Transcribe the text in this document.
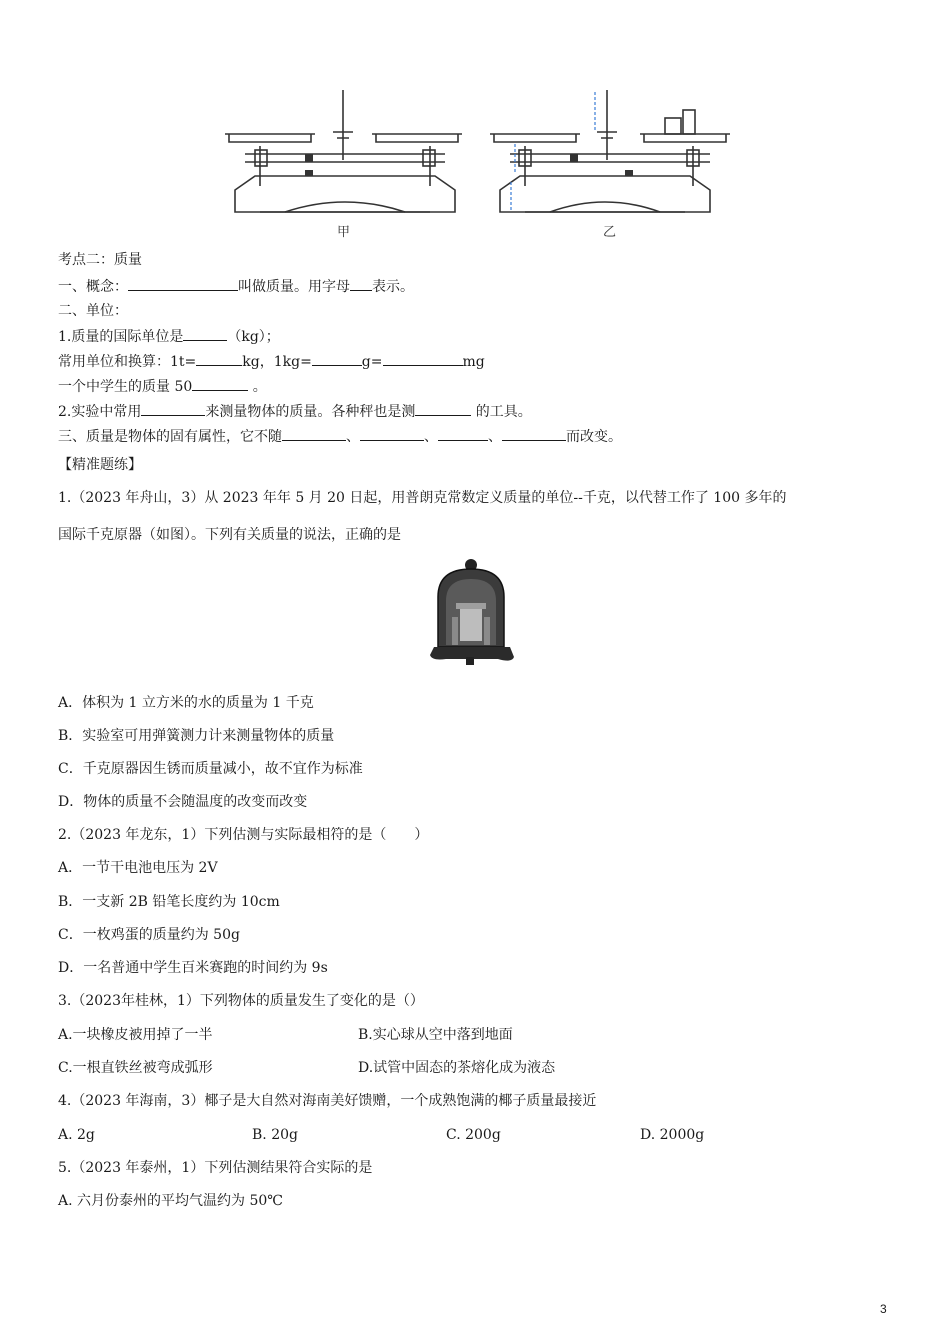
甲	乙
考点二：质量
一、概念：	叫做质量。用字母 表示。
二、单位：
1.质量的国际单位是	（kg）；
常用单位和换算：1t=	kg，1kg=	g=	mg
一个中学生的质量 50	。
2.实验中常用	来测量物体的质量。各种秤也是测	的工具。
三、质量是物体的固有属性，它不随	、	、	、	而改变。
【精准题练】
1.（2023 年舟山，3）从 2023 年年 5 月 20 日起，用普朗克常数定义质量的单位--千克，以代替工作了 100 多年的
国际千克原器（如图）。下列有关质量的说法，正确的是
A．体积为 1 立方米的水的质量为 1 千克
B．实验室可用弹簧测力计来测量物体的质量
C．千克原器因生锈而质量减小，故不宜作为标准
D．物体的质量不会随温度的改变而改变
2.（2023 年龙东，1）下列估测与实际最相符的是（　　）
A．一节干电池电压为 2V
B．一支新 2B 铅笔长度约为 10cm
C．一枚鸡蛋的质量约为 50g
D．一名普通中学生百米赛跑的时间约为 9s
3.（2023年桂林，1）下列物体的质量发生了变化的是（）
A.一块橡皮被用掉了一半	B.实心球从空中落到地面
C.一根直铁丝被弯成弧形	D.试管中固态的茶熔化成为液态
4.（2023 年海南，3）椰子是大自然对海南美好馈赠，一个成熟饱满的椰子质量最接近
A. 2g	B. 20g	C. 200g	D. 2000g
5.（2023 年泰州，1）下列估测结果符合实际的是
A. 六月份泰州的平均气温约为 50℃
3
